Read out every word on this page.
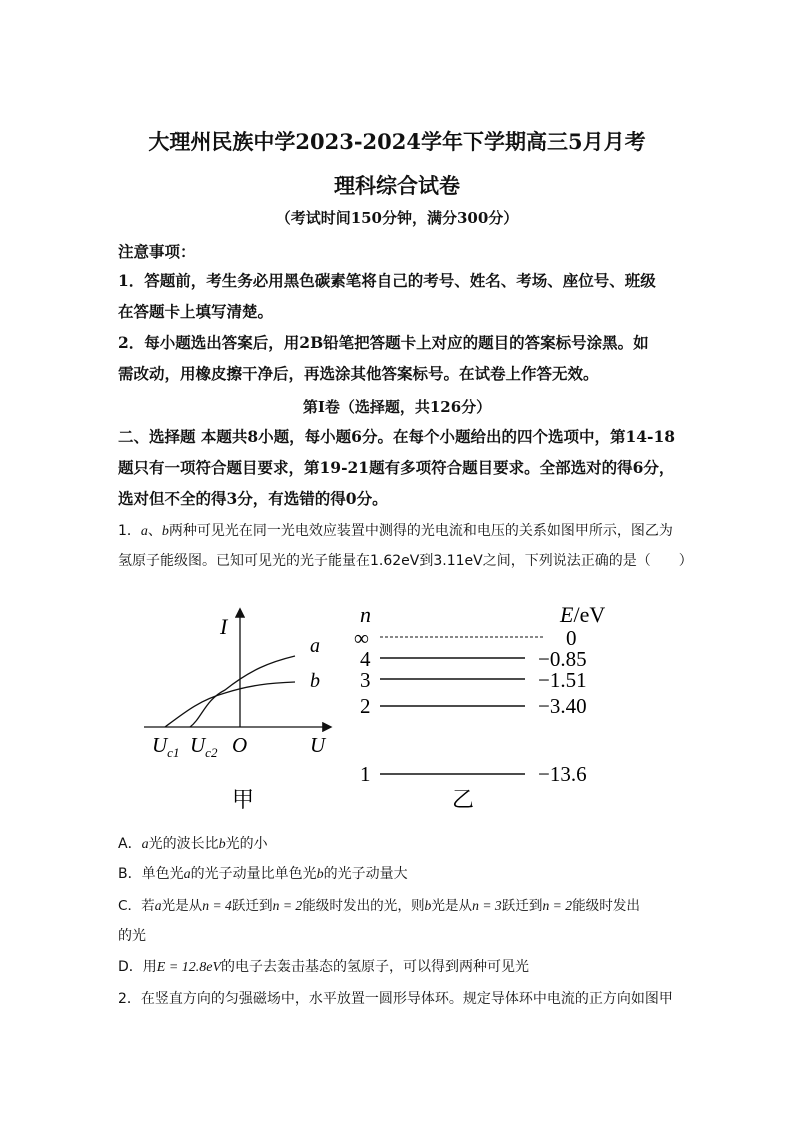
大理州民族中学2023-2024学年下学期高三5月月考
理科综合试卷
（考试时间150分钟，满分300分）
注意事项：
1．答题前，考生务必用黑色碳素笔将自己的考号、姓名、考场、座位号、班级
在答题卡上填写清楚。
2．每小题选出答案后，用2B铅笔把答题卡上对应的题目的答案标号涂黑。如
需改动，用橡皮擦干净后，再选涂其他答案标号。在试卷上作答无效。
第Ⅰ卷（选择题，共126分）
二、选择题 本题共8小题，每小题6分。在每个小题给出的四个选项中，第14-18
题只有一项符合题目要求，第19-21题有多项符合题目要求。全部选对的得6分，
选对但不全的得3分，有选错的得0分。
1．a、b两种可见光在同一光电效应装置中测得的光电流和电压的关系如图甲所示，图乙为
氢原子能级图。已知可见光的光子能量在1.62eV到3.11eV之间，下列说法正确的是（　　）
I
a
b
$U_{c1}$ $U_{c2}$ O	U
甲
n	E/eV
∞
4
3
2
1
0
−0.85
−1.51
−3.40
−13.6
乙
A．a光的波长比b光的小
B．单色光a的光子动量比单色光b的光子动量大
C．若a光是从n = 4跃迁到n = 2能级时发出的光，则b光是从n = 3跃迁到n = 2能级时发出
的光
D．用E = 12.8eV的电子去轰击基态的氢原子，可以得到两种可见光
2．在竖直方向的匀强磁场中，水平放置一圆形导体环。规定导体环中电流的正方向如图甲
